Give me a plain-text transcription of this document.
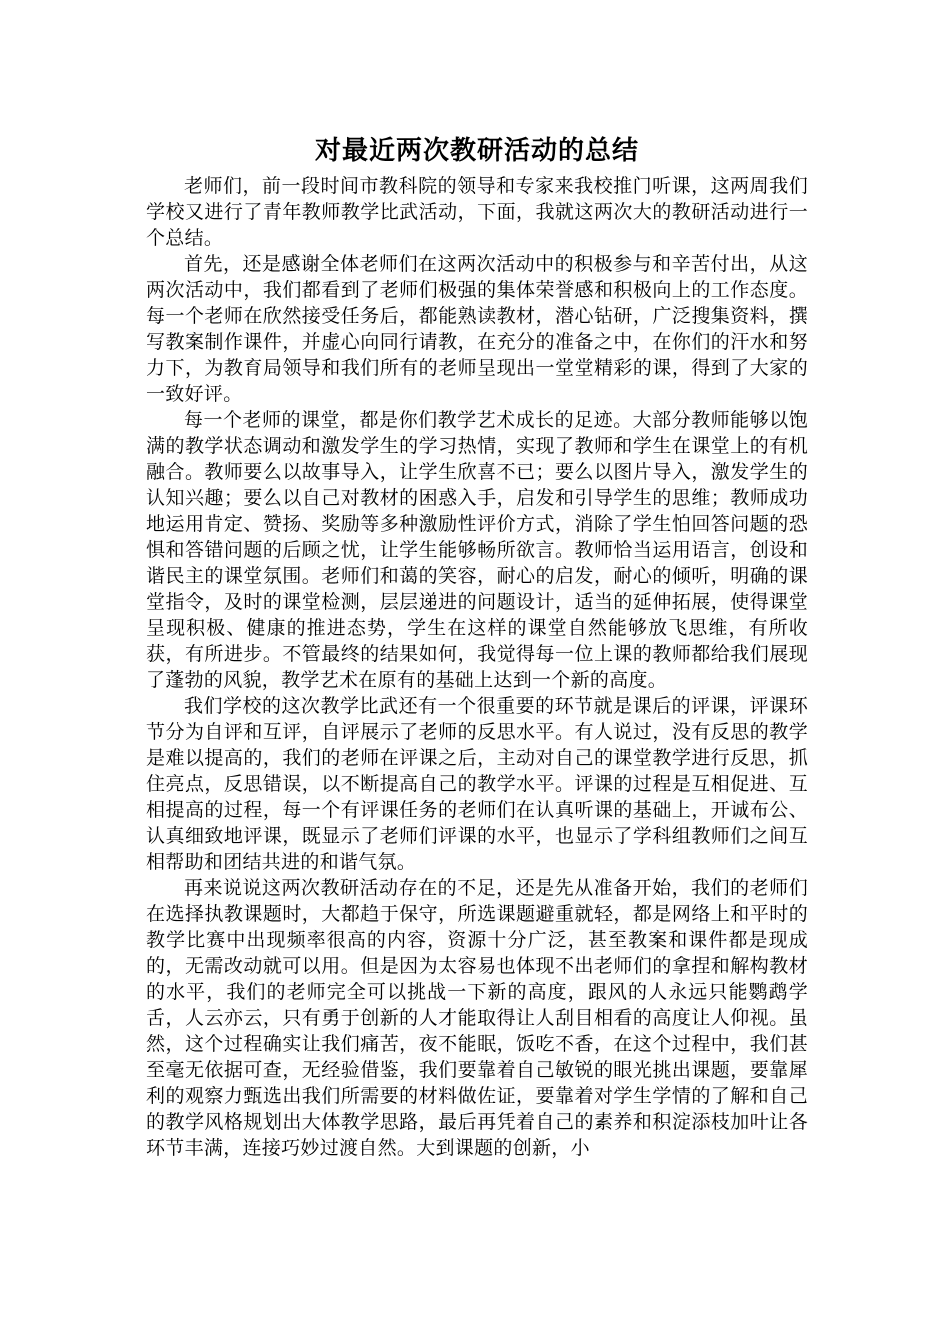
对最近两次教研活动的总结

老师们，前一段时间市教科院的领导和专家来我校推门听课，这两周我们学校又进行了青年教师教学比武活动，下面，我就这两次大的教研活动进行一个总结。

首先，还是感谢全体老师们在这两次活动中的积极参与和辛苦付出，从这两次活动中，我们都看到了老师们极强的集体荣誉感和积极向上的工作态度。每一个老师在欣然接受任务后，都能熟读教材，潜心钻研，广泛搜集资料，撰写教案制作课件，并虚心向同行请教，在充分的准备之中，在你们的汗水和努力下，为教育局领导和我们所有的老师呈现出一堂堂精彩的课，得到了大家的一致好评。

每一个老师的课堂，都是你们教学艺术成长的足迹。大部分教师能够以饱满的教学状态调动和激发学生的学习热情，实现了教师和学生在课堂上的有机融合。教师要么以故事导入，让学生欣喜不已；要么以图片导入，激发学生的认知兴趣；要么以自己对教材的困惑入手，启发和引导学生的思维；教师成功地运用肯定、赞扬、奖励等多种激励性评价方式，消除了学生怕回答问题的恐惧和答错问题的后顾之忧，让学生能够畅所欲言。教师恰当运用语言，创设和谐民主的课堂氛围。老师们和蔼的笑容，耐心的启发，耐心的倾听，明确的课堂指令，及时的课堂检测，层层递进的问题设计，适当的延伸拓展，使得课堂呈现积极、健康的推进态势，学生在这样的课堂自然能够放飞思维，有所收获，有所进步。不管最终的结果如何，我觉得每一位上课的教师都给我们展现了蓬勃的风貌，教学艺术在原有的基础上达到一个新的高度。

我们学校的这次教学比武还有一个很重要的环节就是课后的评课，评课环节分为自评和互评，自评展示了老师的反思水平。有人说过，没有反思的教学是难以提高的，我们的老师在评课之后，主动对自己的课堂教学进行反思，抓住亮点，反思错误，以不断提高自己的教学水平。评课的过程是互相促进、互相提高的过程，每一个有评课任务的老师们在认真听课的基础上，开诚布公、认真细致地评课，既显示了老师们评课的水平，也显示了学科组教师们之间互相帮助和团结共进的和谐气氛。

再来说说这两次教研活动存在的不足，还是先从准备开始，我们的老师们在选择执教课题时，大都趋于保守，所选课题避重就轻，都是网络上和平时的教学比赛中出现频率很高的内容，资源十分广泛，甚至教案和课件都是现成的，无需改动就可以用。但是因为太容易也体现不出老师们的拿捏和解构教材的水平，我们的老师完全可以挑战一下新的高度，跟风的人永远只能鹦鹉学舌，人云亦云，只有勇于创新的人才能取得让人刮目相看的高度让人仰视。虽然，这个过程确实让我们痛苦，夜不能眠，饭吃不香，在这个过程中，我们甚至毫无依据可查，无经验借鉴，我们要靠着自己敏锐的眼光挑出课题，要靠犀利的观察力甄选出我们所需要的材料做佐证，要靠着对学生学情的了解和自己的教学风格规划出大体教学思路，最后再凭着自己的素养和积淀添枝加叶让各环节丰满，连接巧妙过渡自然。大到课题的创新，小
